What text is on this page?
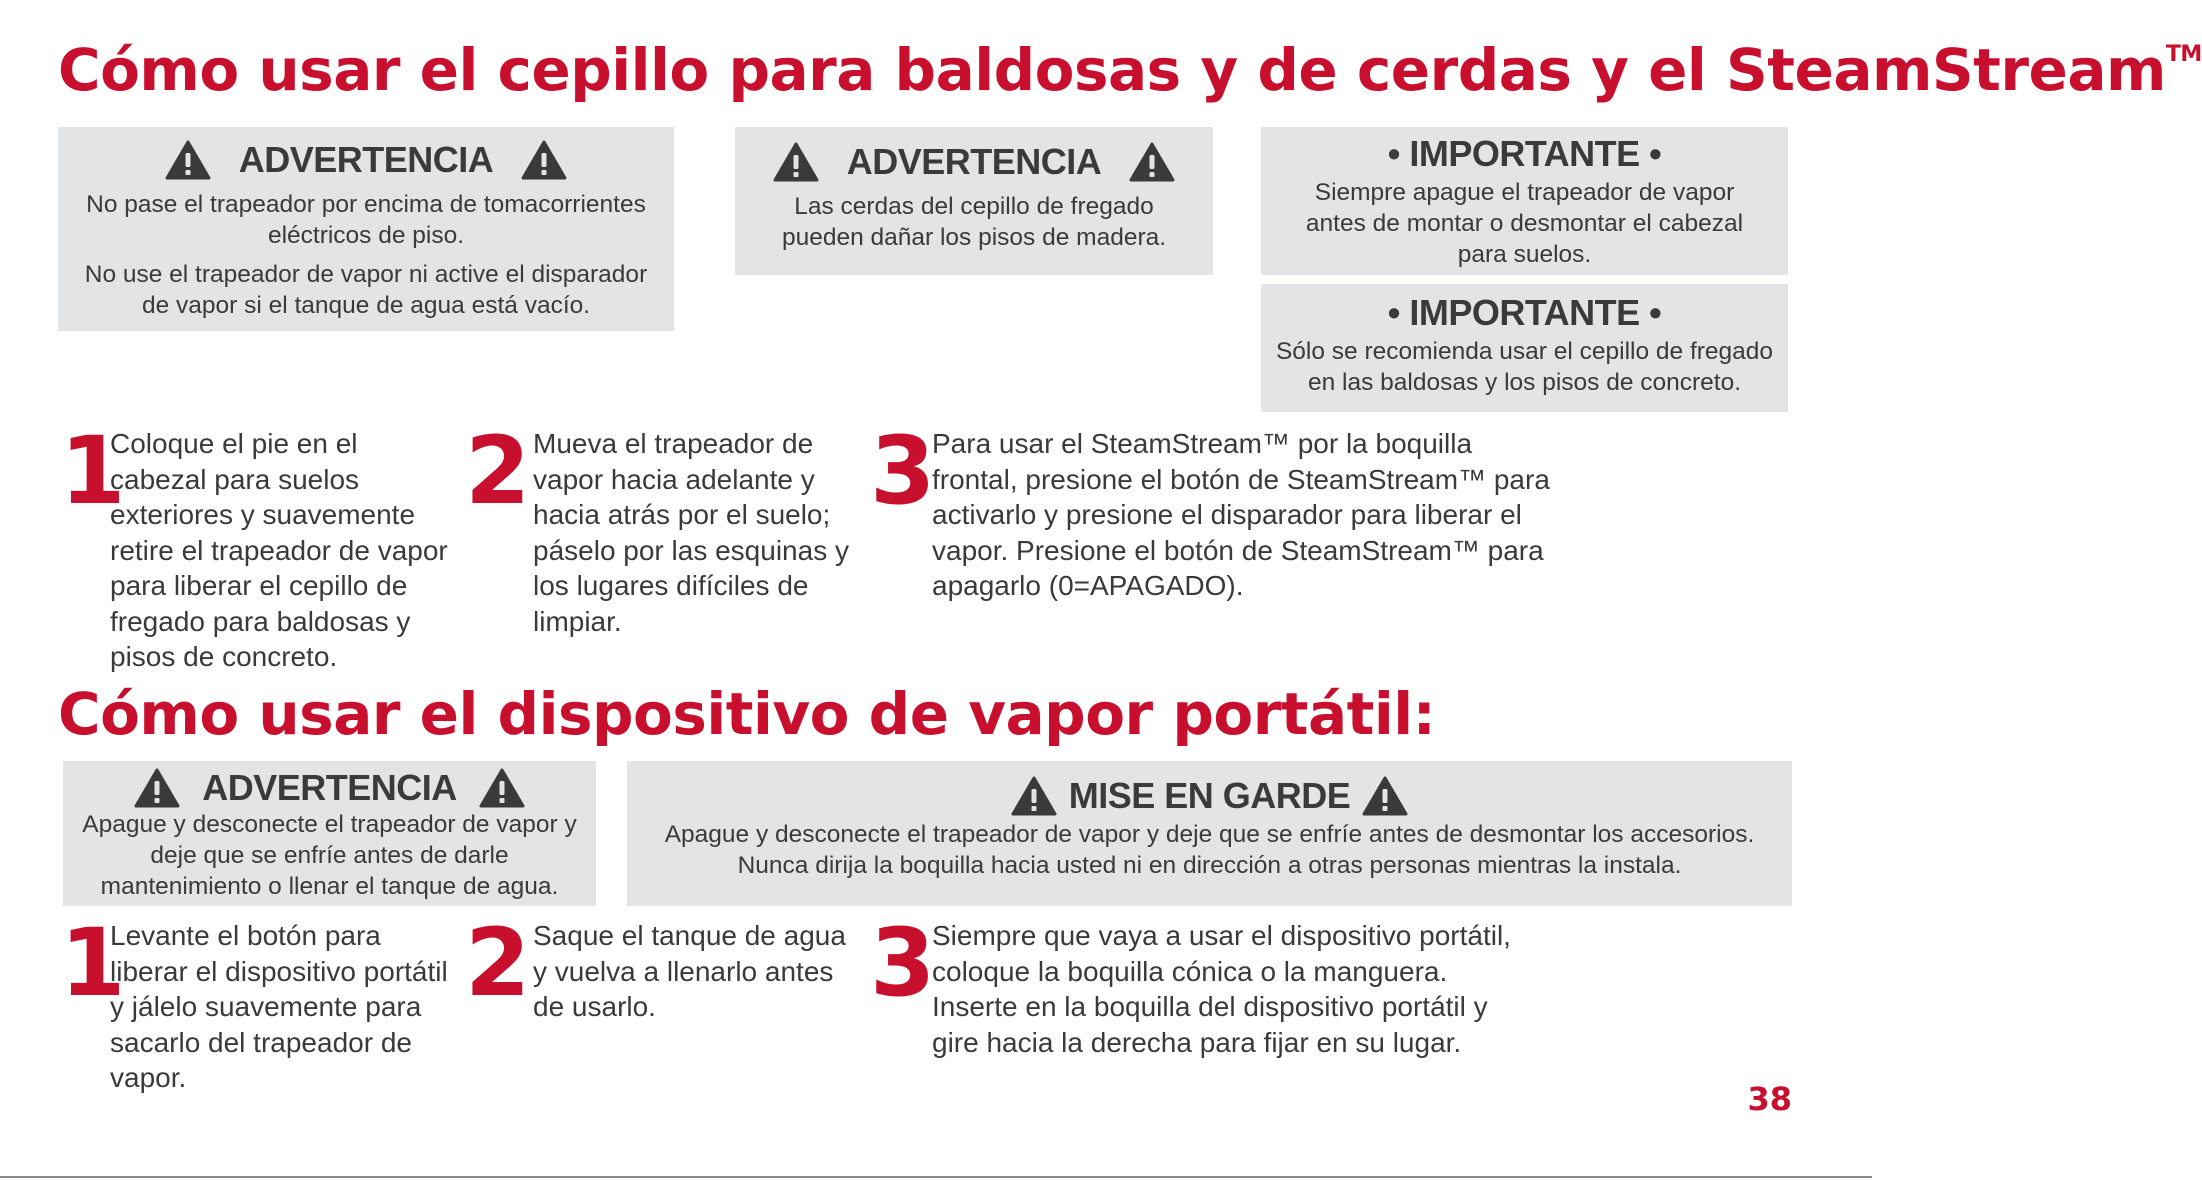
Cómo usar el cepillo para baldosas y de cerdas y el SteamStream™
ADVERTENCIA

No pase el trapeador por encima de tomacorrientes eléctricos de piso.

No use el trapeador de vapor ni active el disparador de vapor si el tanque de agua está vacío.

ADVERTENCIA

Las cerdas del cepillo de fregado pueden dañar los pisos de madera.

• IMPORTANTE •

Siempre apague el trapeador de vapor antes de montar o desmontar el cabezal para suelos.

• IMPORTANTE •

Sólo se recomienda usar el cepillo de fregado en las baldosas y los pisos de concreto.

1
Coloque el pie en el cabezal para suelos exteriores y suavemente retire el trapeador de vapor para liberar el cepillo de fregado para baldosas y pisos de concreto.
2 Mueva el trapeador de vapor hacia adelante y hacia atrás por el suelo; páselo por las esquinas y los lugares difíciles de limpiar.
3
Para usar el SteamStream™ por la boquilla frontal, presione el botón de SteamStream™ para activarlo y presione el disparador para liberar el vapor. Presione el botón de SteamStream™ para apagarlo (0=APAGADO).
Cómo usar el dispositivo de vapor portátil:
ADVERTENCIA

Apague y desconecte el trapeador de vapor y deje que se enfríe antes de darle mantenimiento o llenar el tanque de agua.

MISE EN GARDE

Apague y desconecte el trapeador de vapor y deje que se enfríe antes de desmontar los accesorios.

Nunca dirija la boquilla hacia usted ni en dirección a otras personas mientras la instala.

1
Levante el botón para liberar el dispositivo portátil y jálelo suavemente para sacarlo del trapeador de vapor.
2 Saque el tanque de agua y vuelva a llenarlo antes de usarlo.	3
Siempre que vaya a usar el dispositivo portátil, coloque la boquilla cónica o la manguera. Inserte en la boquilla del dispositivo portátil y gire hacia la derecha para fijar en su lugar.
38
